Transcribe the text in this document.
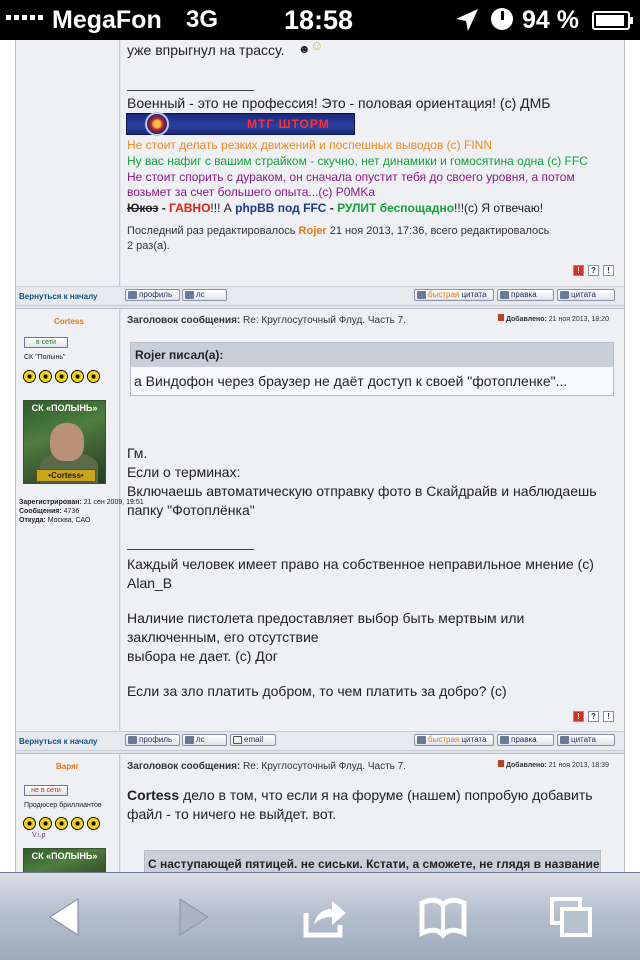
MegaFon 3G 18:58	94 %
Вернуться к началу
Вернуться к началу
уже впрыгнул на трассу. ☻ ☺
Военный - это не профессия! Это - половая ориентация! (с) ДМБ
МТГ ШТОРМ
Не стоит делать резких движений и поспешных выводов (с) FINN
Ну вас нафиг с вашим страйком - скучно, нет динамики и гомосятина одна (с) FFC
Не стоит спорить с дураком, он сначала опустит тебя до своего уровня, а потом
возьмет за счет большего опыта...(с) P0MKa
Юкоз - ГАВНО!!! А phpBB под FFC - РУЛИТ беспощадно!!!(с) Я отвечаю!
Последний раз редактировалось Rojer 21 ноя 2013, 17:36, всего редактировалось
2 раз(а).
!	?	!
профиль	лс	быстрая цитата	правка	цитата
Cortess
в сети
СК "Полынь"
СК «ПОЛЫНЬ»
•Cortess•
Зарегистрирован: 21 сен 2009, 19:51
Сообщения: 4736
Откуда: Москва, САО
Заголовок сообщения: Re: Круглосуточный Флуд. Часть 7.	Добавлено: 21 ноя 2013, 18:20
Rojer писал(а):
а Виндофон через браузер не даёт доступ к своей "фотопленке"...
Гм.
Если о терминах:
Включаешь автоматическую отправку фото в Скайдрайв и наблюдаешь
папку "Фотоплёнка"
Каждый человек имеет право на собственное неправильное мнение (с)
Alan_B
Наличие пистолета предоставляет выбор быть мертвым или
заключенным, его отсутствие
выбора не дает. (с) Дог
Если за зло платить добром, то чем платить за добро? (с)
!	?	!
профиль	лс	email	быстрая цитата	правка	цитата
Варяг
не в сети
Продюсер бриллиантов
V.i.p
СК «ПОЛЫНЬ»
Заголовок сообщения: Re: Круглосуточный Флуд. Часть 7.	Добавлено: 21 ноя 2013, 18:39
Cortess дело в том, что если я на форуме (нашем) попробую добавить
файл - то ничего не выйдет. вот.
С наступающей пятицей. не сиськи. Кстати, а сможете, не глядя в название
